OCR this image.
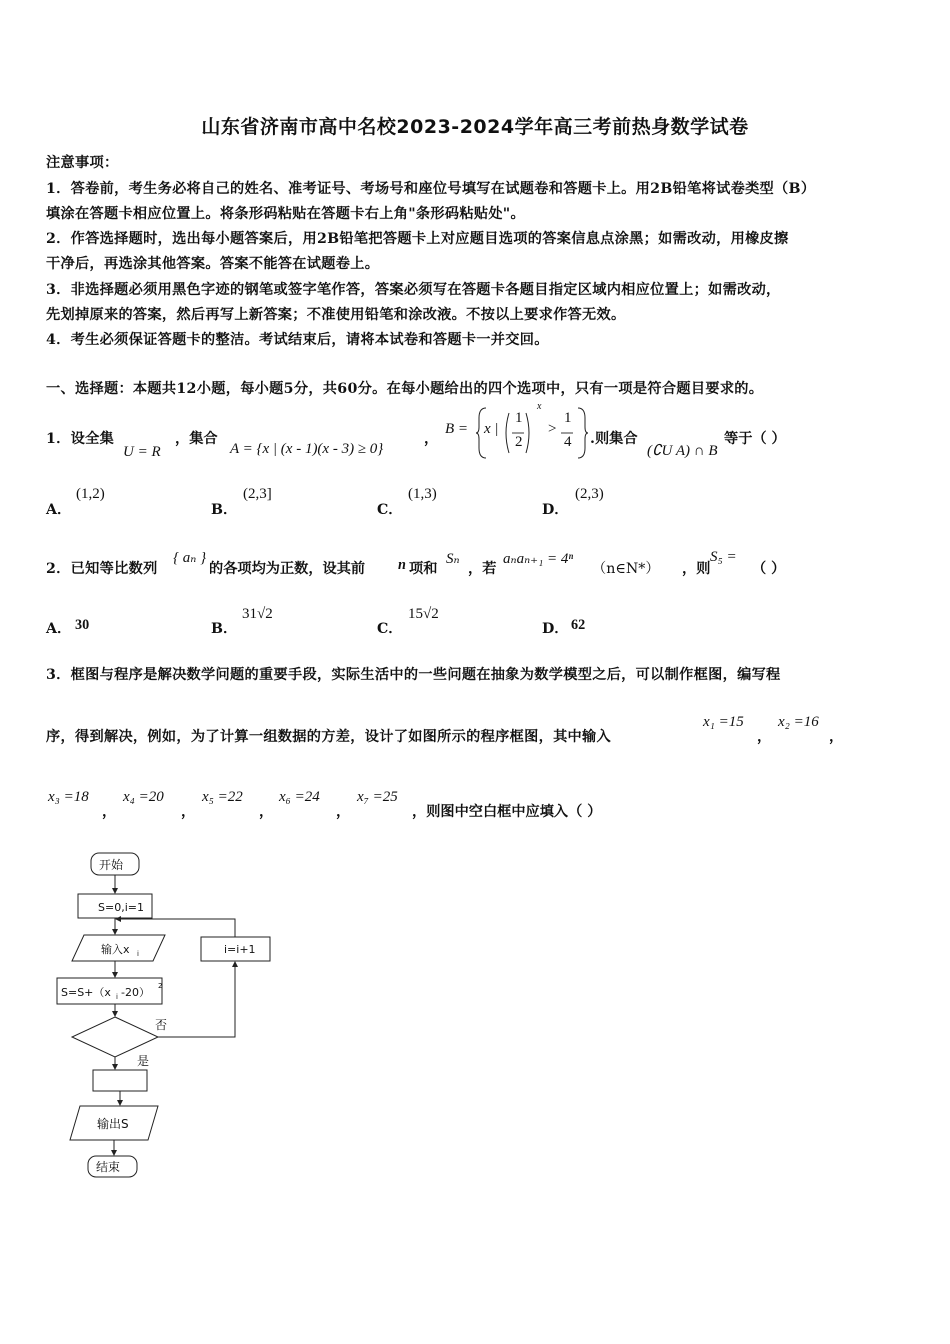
山东省济南市高中名校2023-2024学年高三考前热身数学试卷
注意事项：
1．答卷前，考生务必将自己的姓名、准考证号、考场号和座位号填写在试题卷和答题卡上。用2B铅笔将试卷类型（B）
填涂在答题卡相应位置上。将条形码粘贴在答题卡右上角"条形码粘贴处"。
2．作答选择题时，选出每小题答案后，用2B铅笔把答题卡上对应题目选项的答案信息点涂黑；如需改动，用橡皮擦
干净后，再选涂其他答案。答案不能答在试题卷上。
3．非选择题必须用黑色字迹的钢笔或签字笔作答，答案必须写在答题卡各题目指定区域内相应位置上；如需改动，
先划掉原来的答案，然后再写上新答案；不准使用铅笔和涂改液。不按以上要求作答无效。
4．考生必须保证答题卡的整洁。考试结束后，请将本试卷和答题卡一并交回。
一、选择题：本题共12小题，每小题5分，共60分。在每小题给出的四个选项中，只有一项是符合题目要求的。
1．设全集
U = R
，集合
A = {x | (x - 1)(x - 3) ≥ 0}
，
B = x |
1
2
x
>
1
4 .则集合
(∁U A) ∩ B
等于（ ）
A．
(1,2)
B．
(2,3]
C．
(1,3)
D．
(2,3)
2．已知等比数列
{ aₙ }
的各项均为正数，设其前 n 项和
Sₙ
，若
aₙaₙ₊₁ = 4ⁿ
（n∈N*） ，则
S₅ =
（ ）
A． 30	B．
31√2
C．
15√2
D． 62
3．框图与程序是解决数学问题的重要手段，实际生活中的一些问题在抽象为数学模型之后，可以制作框图，编写程
序，得到解决，例如，为了计算一组数据的方差，设计了如图所示的程序框图，其中输入
x₁ =15
，
x₂ =16
，
x₃ =18
，
x₄ =20
，
x₅ =22
，
x₆ =24
，
x₇ =25
，则图中空白框中应填入（ ）
开始
S=0,i=1
输入x i
S=S+（x i -20） 2
i=i+1
否
是
输出S
结束
